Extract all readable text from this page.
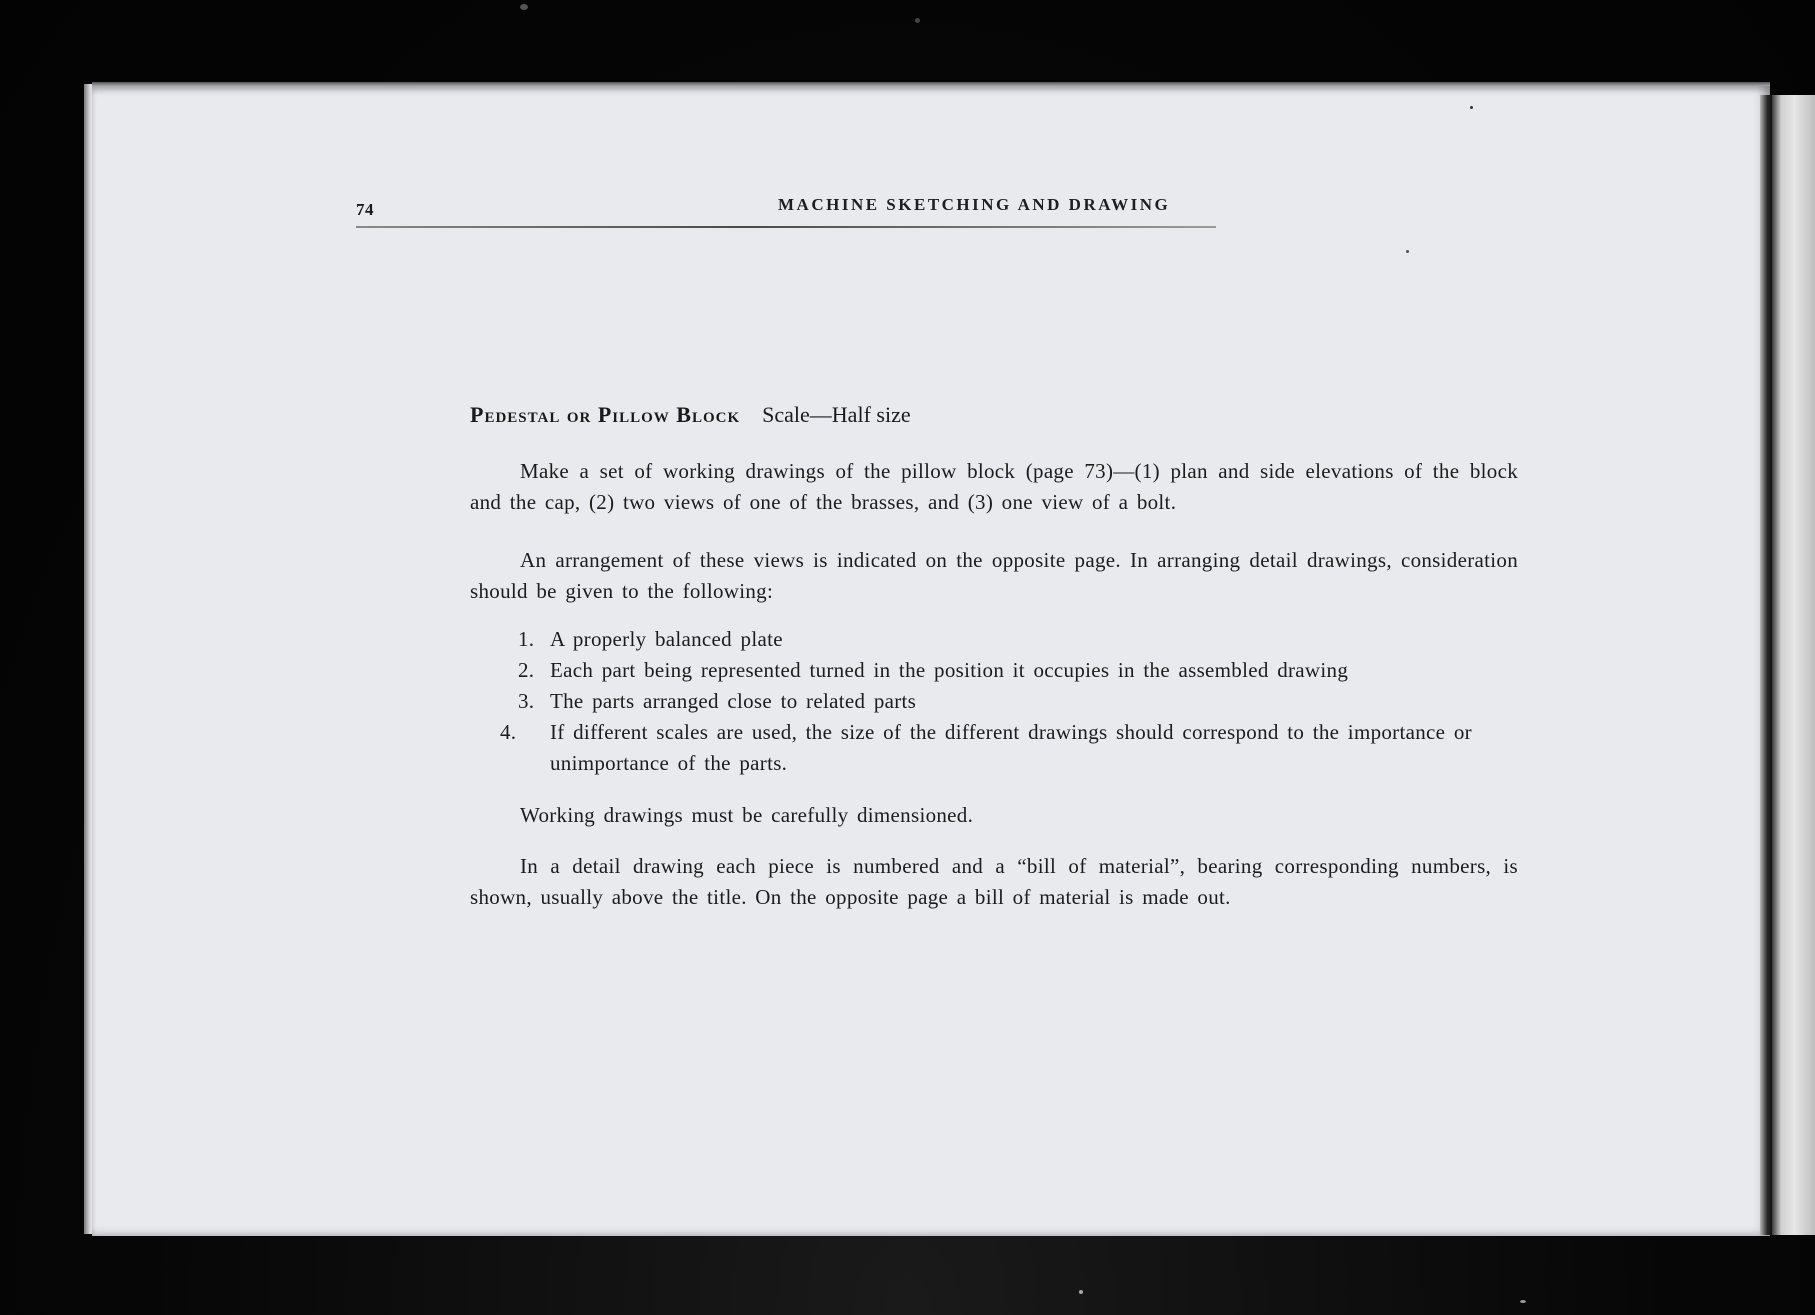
74	MACHINE SKETCHING AND DRAWING
Pedestal or Pillow Block Scale—Half size

Make a set of working drawings of the pillow block (page 73)—(1) plan and side elevations of the block and the cap, (2) two views of one of the brasses, and (3) one view of a bolt.

An arrangement of these views is indicated on the opposite page. In arranging detail drawings, consideration should be given to the following:

1. A properly balanced plate
2. Each part being represented turned in the position it occupies in the assembled drawing
3. The parts arranged close to related parts
If different scales are used, the size of the different drawings should correspond to the importance or unimportance of the parts.

Working drawings must be carefully dimensioned.

In a detail drawing each piece is numbered and a “bill of material”, bearing corresponding numbers, is shown, usually above the title. On the opposite page a bill of material is made out.
